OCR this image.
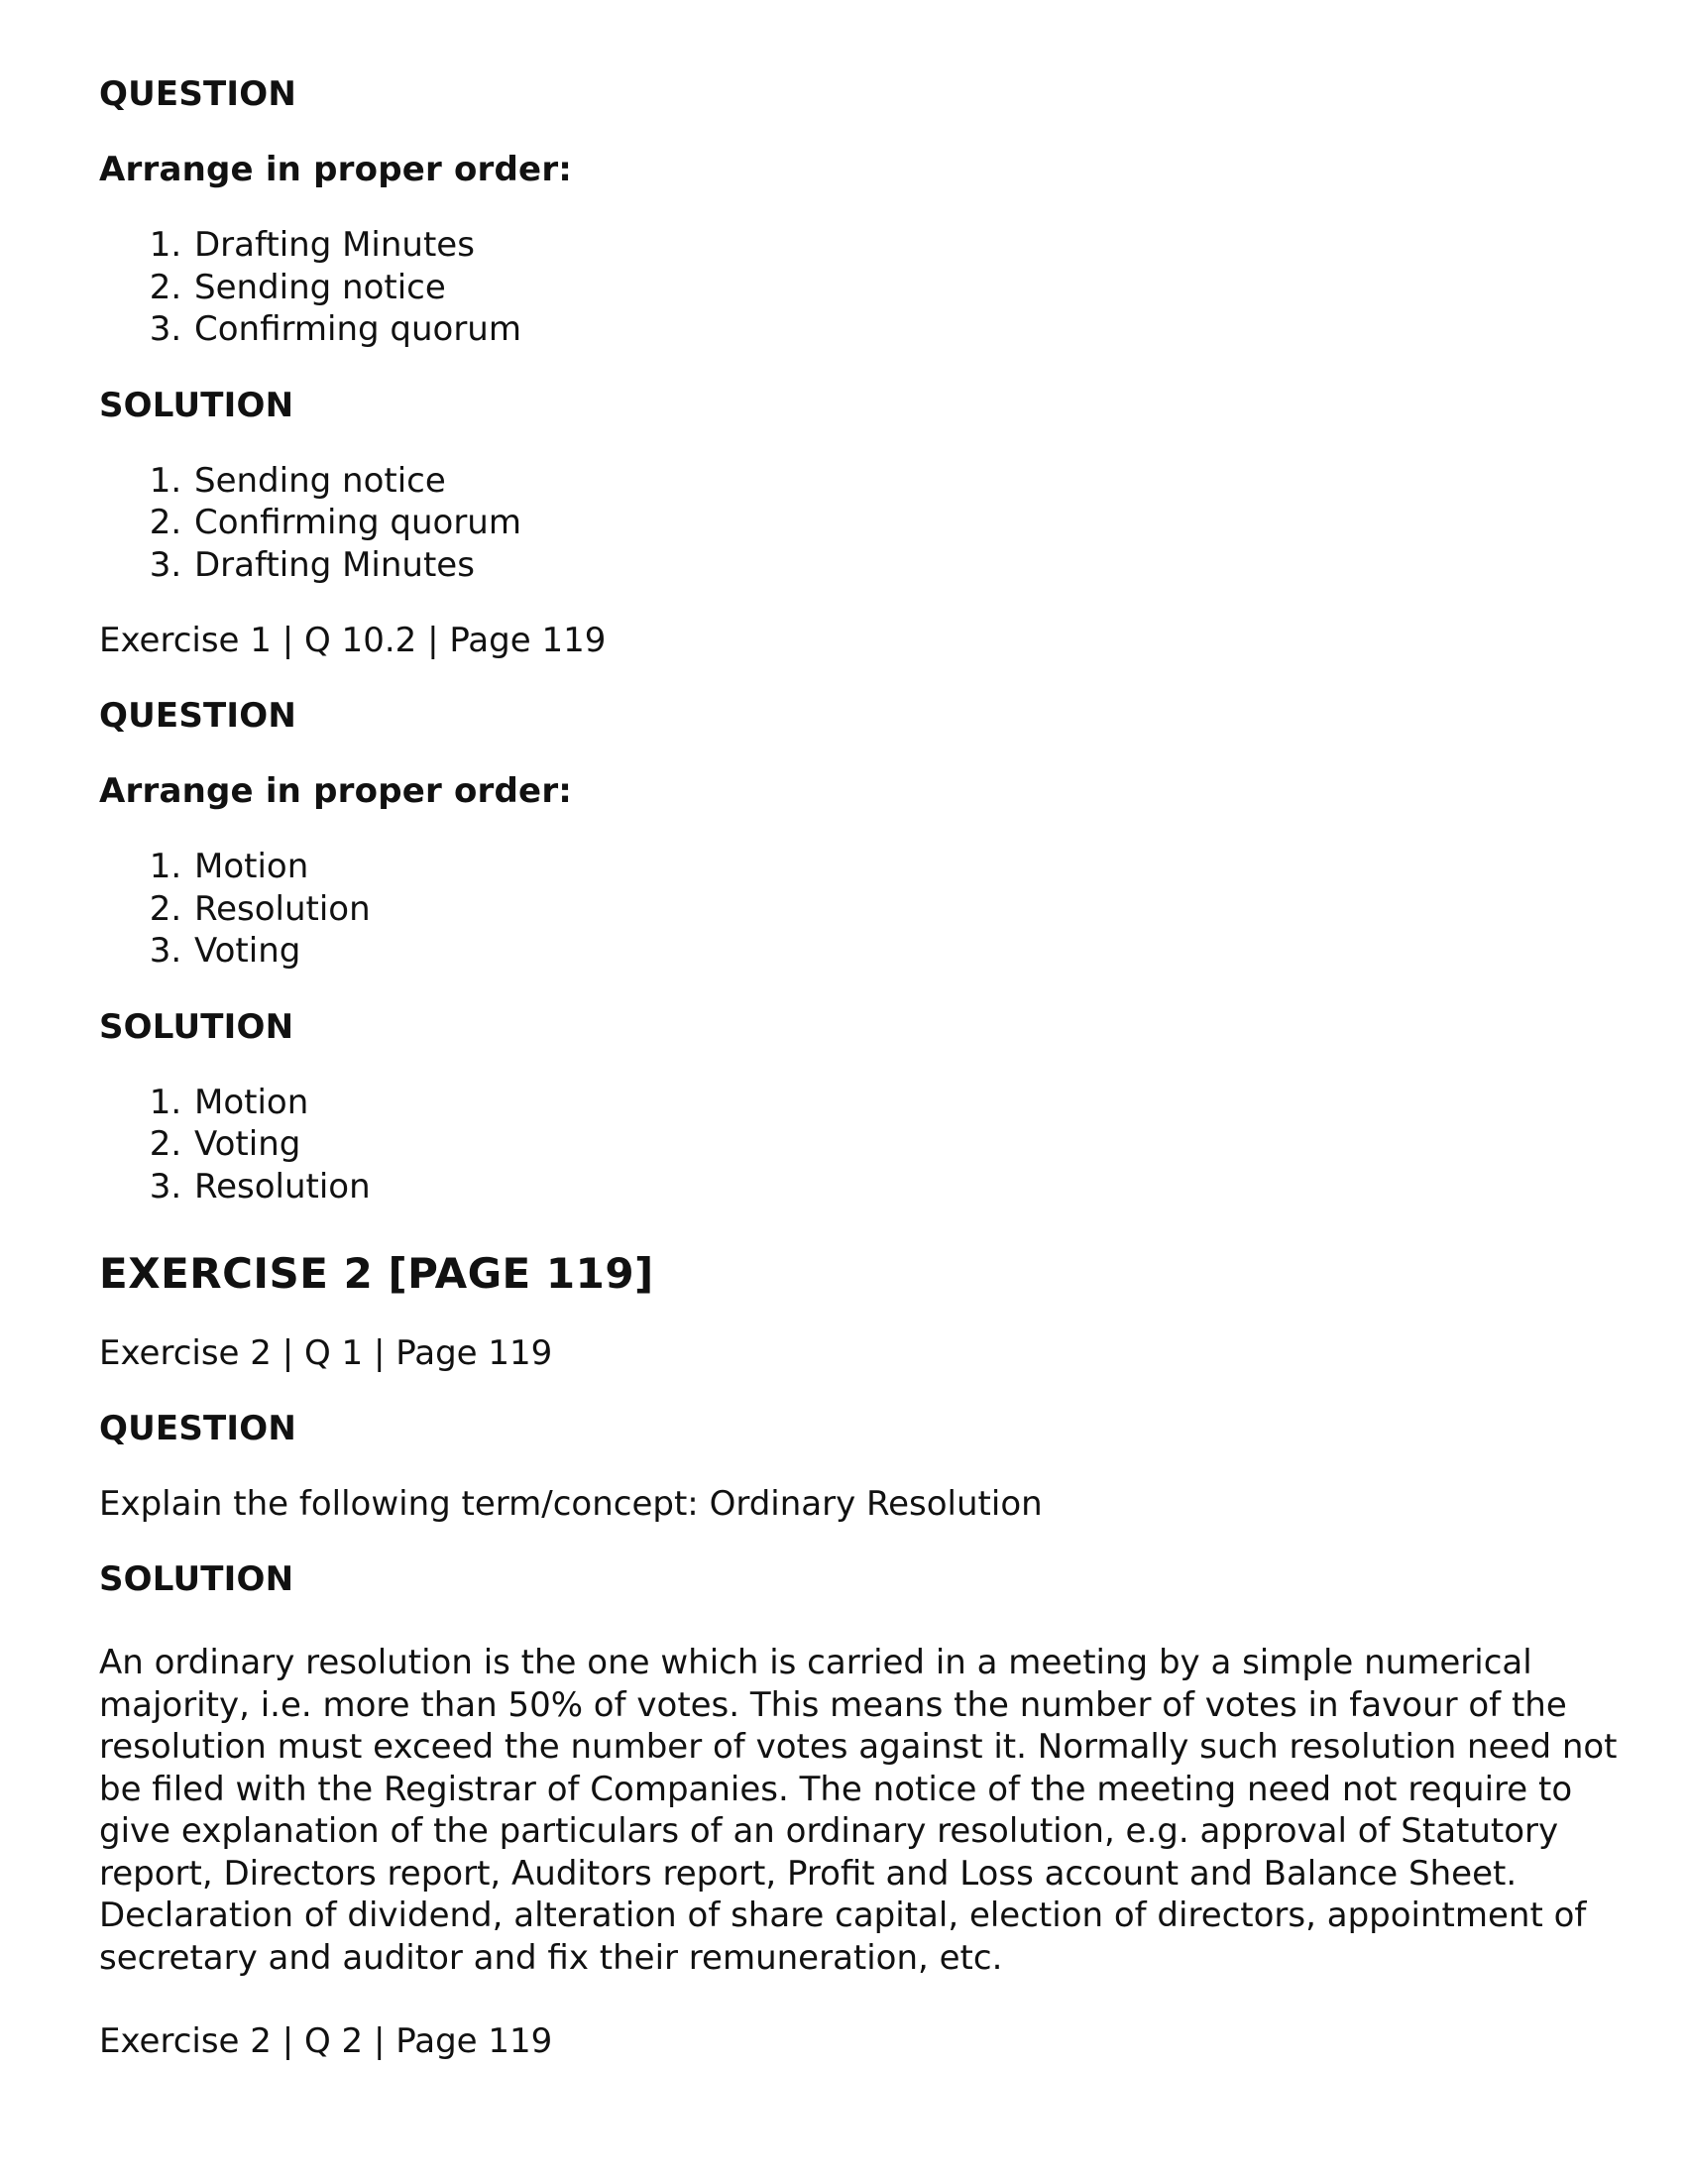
QUESTION

Arrange in proper order:

1. Drafting Minutes
2. Sending notice
3. Confirming quorum

SOLUTION

1. Sending notice
2. Confirming quorum
3. Drafting Minutes

Exercise 1 | Q 10.2 | Page 119

QUESTION

Arrange in proper order:

1. Motion
2. Resolution
3. Voting

SOLUTION

1. Motion
2. Voting
3. Resolution

EXERCISE 2 [PAGE 119]

Exercise 2 | Q 1 | Page 119

QUESTION

Explain the following term/concept: Ordinary Resolution

SOLUTION

An ordinary resolution is the one which is carried in a meeting by a simple numerical majority, i.e. more than 50% of votes. This means the number of votes in favour of the resolution must exceed the number of votes against it. Normally such resolution need not be filed with the Registrar of Companies. The notice of the meeting need not require to give explanation of the particulars of an ordinary resolution, e.g. approval of Statutory report, Directors report, Auditors report, Profit and Loss account and Balance Sheet. Declaration of dividend, alteration of share capital, election of directors, appointment of secretary and auditor and fix their remuneration, etc.

Exercise 2 | Q 2 | Page 119
